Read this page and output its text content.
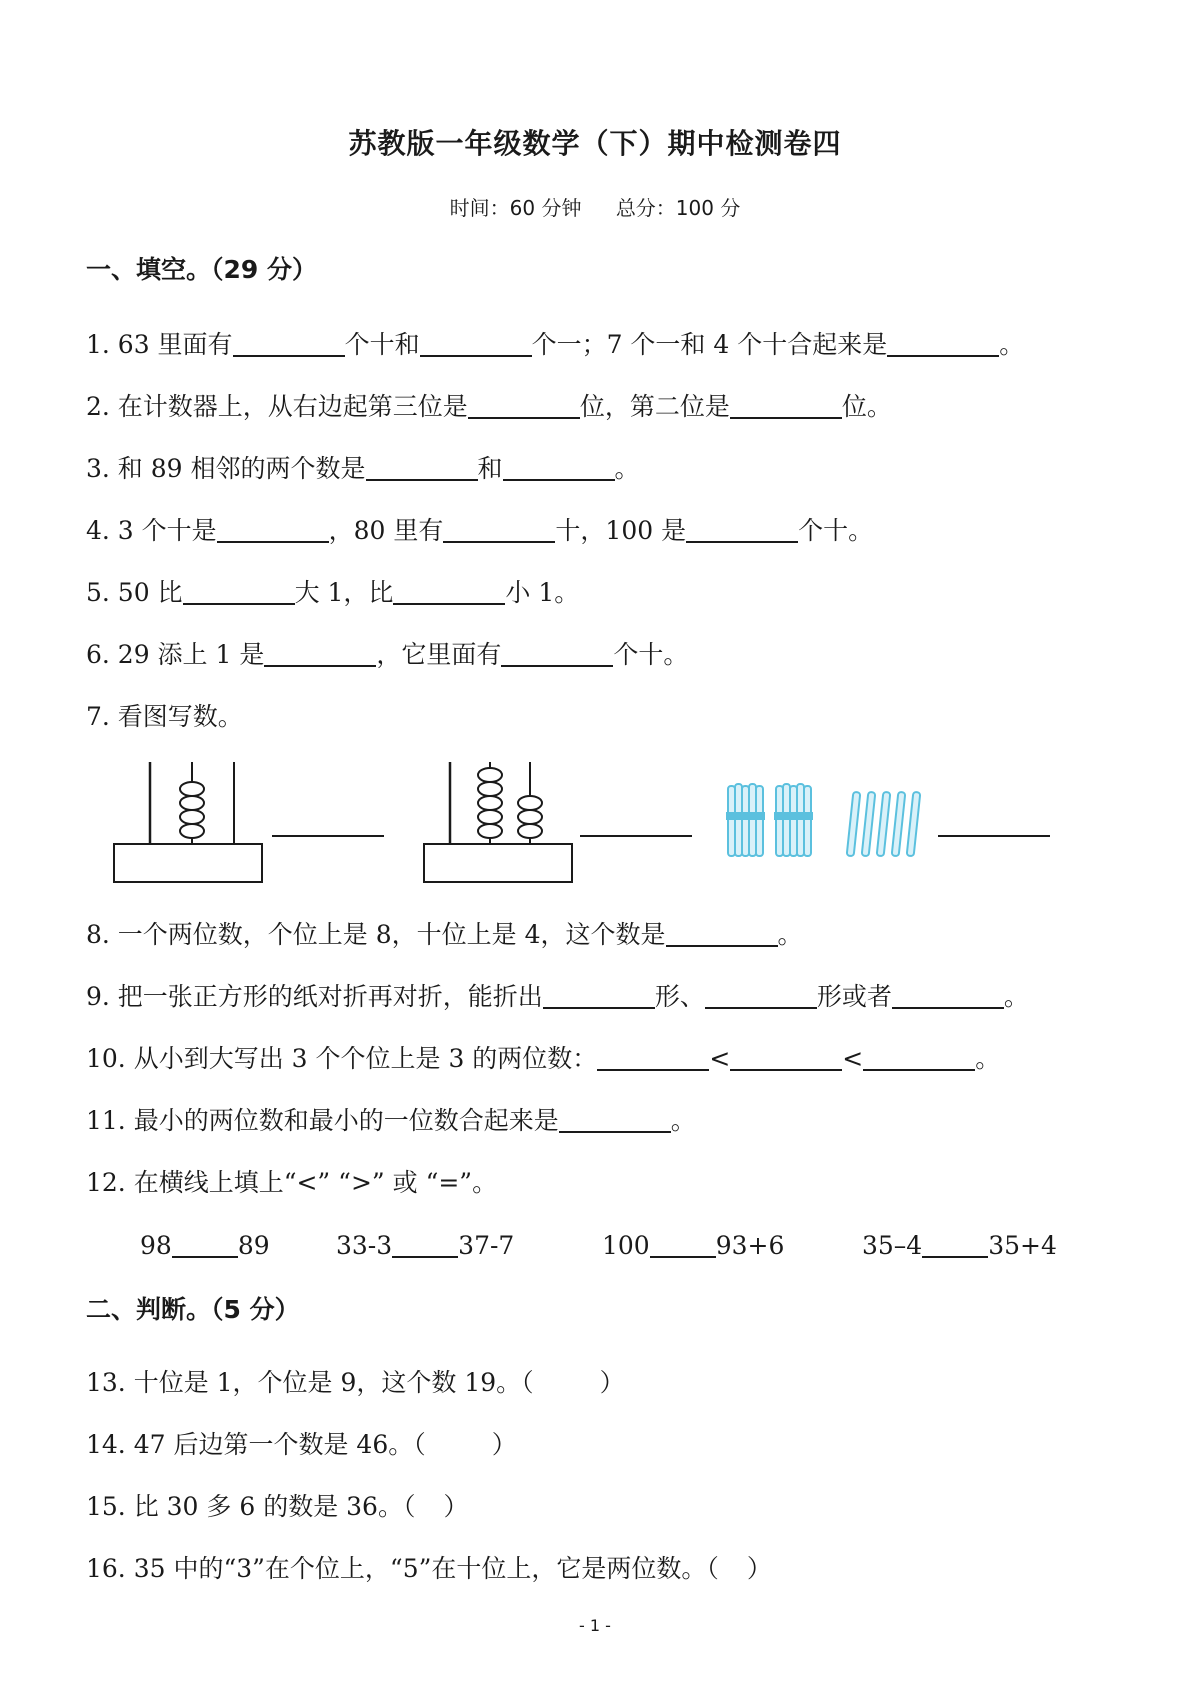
苏教版一年级数学（下）期中检测卷四
时间：60 分钟 总分：100 分
一、填空。（29 分）
1. 63 里面有	个十和	个一；7 个一和 4 个十合起来是	。
2. 在计数器上，从右边起第三位是	位，第二位是	位。
3. 和 89 相邻的两个数是	和	。
4. 3 个十是	，80 里有	十，100 是	个十。
5. 50 比	大 1，比	小 1。
6. 29 添上 1 是	，它里面有	个十。
7. 看图写数。
8. 一个两位数，个位上是 8，十位上是 4，这个数是	。
9. 把一张正方形的纸对折再对折，能折出	形、	形或者	。
10. 从小到大写出 3 个个位上是 3 的两位数：	<	<	。
11. 最小的两位数和最小的一位数合起来是	。
12. 在横线上填上“<” “>” 或 “=”。
98	89	33-3	37-7	100	93+6	35–4	35+4
二、判断。（5 分）
13. 十位是 1，个位是 9，这个数 19。（	）
14. 47 后边第一个数是 46。（	）
15. 比 30 多 6 的数是 36。（ ）
16. 35 中的“3”在个位上，“5”在十位上，它是两位数。（ ）
- 1 -
